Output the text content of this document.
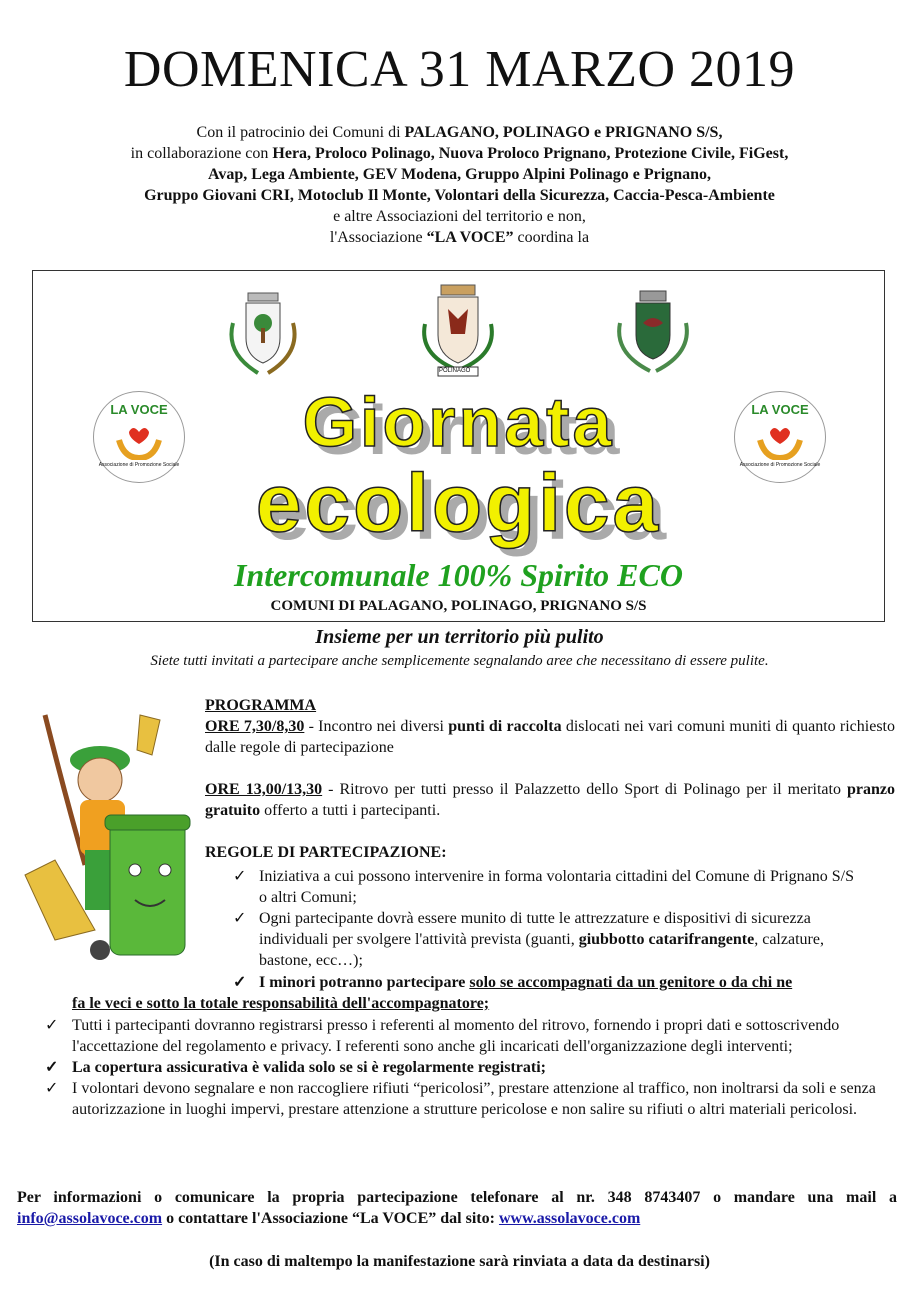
DOMENICA 31 MARZO 2019
Con il patrocinio dei Comuni di PALAGANO, POLINAGO e PRIGNANO S/S,
in collaborazione con Hera, Proloco Polinago, Nuova Proloco Prignano, Protezione Civile, FiGest,
Avap, Lega Ambiente, GEV Modena, Gruppo Alpini Polinago e Prignano,
Gruppo Giovani CRI, Motoclub Il Monte, Volontari della Sicurezza, Caccia-Pesca-Ambiente
e altre Associazioni del territorio e non,
l'Associazione “LA VOCE” coordina la
POLINAGO
LA VOCE
Associazione di Promozione Sociale
LA VOCE
Associazione di Promozione Sociale
Giornata
ecologica
Intercomunale 100% Spirito ECO
COMUNI DI PALAGANO, POLINAGO, PRIGNANO S/S
Insieme per un territorio più pulito
Siete tutti invitati a partecipare anche semplicemente segnalando aree che necessitano di essere pulite.
PROGRAMMA
ORE 7,30/8,30 - Incontro nei diversi punti di raccolta dislocati nei vari comuni muniti di quanto richiesto dalle regole di partecipazione
ORE 13,00/13,30 - Ritrovo per tutti presso il Palazzetto dello Sport di Polinago per il meritato pranzo gratuito offerto a tutti i partecipanti.
REGOLE DI PARTECIPAZIONE:
✓ Iniziativa a cui possono intervenire in forma volontaria cittadini del Comune di Prignano S/S o altri Comuni;
✓ Ogni partecipante dovrà essere munito di tutte le attrezzature e dispositivi di sicurezza individuali per svolgere l'attività prevista (guanti, giubbotto catarifrangente, calzature, bastone, ecc…);
✓ I minori potranno partecipare solo se accompagnati da un genitore o da chi ne
fa le veci e sotto la totale responsabilità dell'accompagnatore;
✓ Tutti i partecipanti dovranno registrarsi presso i referenti al momento del ritrovo, fornendo i propri dati e sottoscrivendo l'accettazione del regolamento e privacy. I referenti sono anche gli incaricati dell'organizzazione degli interventi;
✓ La copertura assicurativa è valida solo se si è regolarmente registrati;
✓ I volontari devono segnalare e non raccogliere rifiuti “pericolosi”, prestare attenzione al traffico, non inoltrarsi da soli e senza autorizzazione in luoghi impervi, prestare attenzione a strutture pericolose e non salire su rifiuti o altri materiali pericolosi.
Per informazioni o comunicare la propria partecipazione telefonare al nr. 348 8743407 o mandare una mail a info@assolavoce.com o contattare l'Associazione “La VOCE” dal sito: www.assolavoce.com
(In caso di maltempo la manifestazione sarà rinviata a data da destinarsi)
